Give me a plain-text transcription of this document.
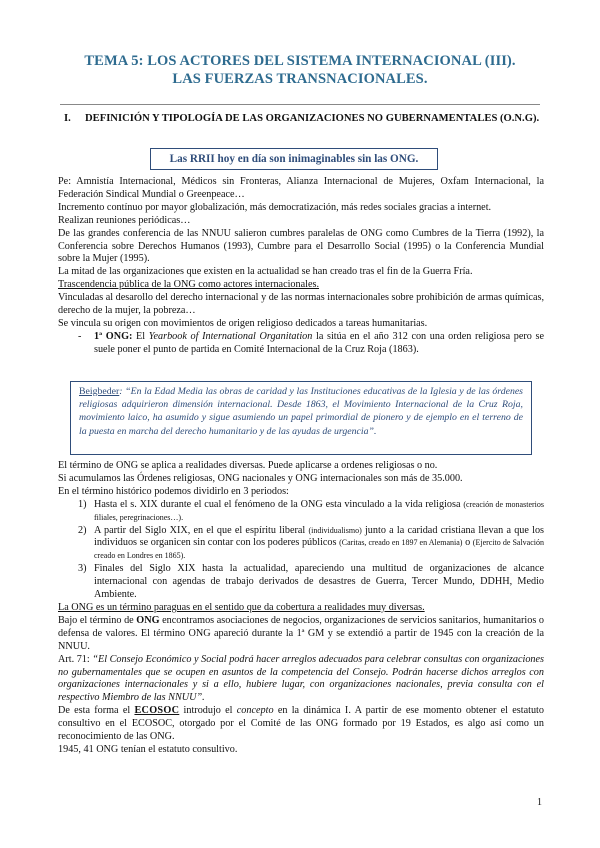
TEMA 5: LOS ACTORES DEL SISTEMA INTERNACIONAL (III).
LAS FUERZAS TRANSNACIONALES.
I. DEFINICIÓN Y TIPOLOGÍA DE LAS ORGANIZACIONES NO GUBERNAMENTALES (O.N.G).
Las RRII hoy en día son inimaginables sin las ONG.

Pe: Amnistía Internacional, Médicos sin Fronteras, Alianza Internacional de Mujeres, Oxfam Internacional, la Federación Sindical Mundial o Greenpeace…

Incremento contínuo por mayor globalización, más democratización, más redes sociales gracias a internet.

Realizan reuniones periódicas…

De las grandes conferencia de las NNUU salieron cumbres paralelas de ONG como Cumbres de la Tierra (1992), la Conferencia sobre Derechos Humanos (1993), Cumbre para el Desarrollo Social (1995) o la Conferencia Mundial sobre la Mujer (1995).

La mitad de las organizaciones que existen en la actualidad se han creado tras el fin de la Guerra Fría.

Trascendencia pública de la ONG como actores internacionales.

Vinculadas al desarollo del derecho internacional y de las normas internacionales sobre prohibición de armas químicas, derecho de la mujer, la pobreza…

Se vincula su origen con movimientos de origen religioso dedicados a tareas humanitarias.

- 1ª ONG: El Yearbook of International Organitation la sitúa en el año 312 con una orden religiosa pero se suele poner el punto de partida en Comité Internacional de la Cruz Roja (1863).

Beigbeder: “En la Edad Media las obras de caridad y las Instituciones educativas de la Iglesia y de las órdenes religiosas adquirieron dimensión internacional. Desde 1863, el Movimiento Internacional de la Cruz Roja, movimiento laico, ha asumido y sigue asumiendo un papel primordial de pionero y de ejemplo en el terreno de la puesta en marcha del derecho humanitario y de las ayudas de urgencia”.

El término de ONG se aplica a realidades diversas. Puede aplicarse a ordenes religiosas o no.

Si acumulamos las Órdenes religiosas, ONG nacionales y ONG internacionales son más de 35.000.

En el término histórico podemos dividirlo en 3 periodos:

1) Hasta el s. XIX durante el cual el fenómeno de la ONG esta vinculado a la vida religiosa (creación de monasterios filiales, peregrinaciones…).

2) A partir del Siglo XIX, en el que el espíritu liberal (individualismo) junto a la caridad cristiana llevan a que los individuos se organicen sin contar con los poderes públicos (Caritas, creado en 1897 en Alemania) o (Ejercito de Salvación creado en Londres en 1865).

3) Finales del Siglo XIX hasta la actualidad, apareciendo una multitud de organizaciones de alcance internacional con agendas de trabajo derivados de desastres de Guerra, Tercer Mundo, DDHH, Medio Ambiente.

La ONG es un término paraguas en el sentido que da cobertura a realidades muy diversas.

Bajo el término de ONG encontramos asociaciones de negocios, organizaciones de servicios sanitarios, humanitarios o defensa de valores. El término ONG apareció durante la 1ª GM y se extendió a partir de 1945 con la creación de la NNUU.

Art. 71: “El Consejo Económico y Social podrá hacer arreglos adecuados para celebrar consultas con organizaciones no gubernamentales que se ocupen en asuntos de la competencia del Consejo. Podrán hacerse dichos arreglos con organizaciones internacionales y si a ello, hubiere lugar, con organizaciones nacionales, previa consulta con el respectivo Miembro de las NNUU”.

De esta forma el ECOSOC introdujo el concepto en la dinámica I. A partir de ese momento obtener el estatuto consultivo en el ECOSOC, otorgado por el Comité de las ONG formado por 19 Estados, es algo así como un reconocimiento de las ONG.

1945, 41 ONG tenían el estatuto consultivo.

1
